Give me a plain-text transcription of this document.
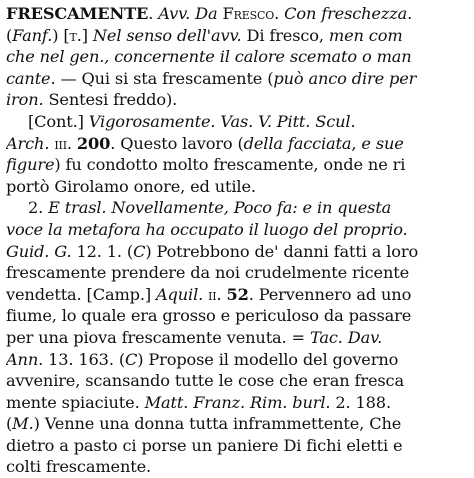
FRESCAMENTE. Avv. Da Fresco. Con freschezza.
(Fanf.) [t.] Nel senso dell'avv. Di fresco, men com
che nel gen., concernente il calore scemato o man
cante. — Qui si sta frescamente (può anco dire per
iron. Sentesi freddo).
[Cont.] Vigorosamente. Vas. V. Pitt. Scul.
Arch. iii. 200. Questo lavoro (della facciata, e sue
figure) fu condotto molto frescamente, onde ne ri
portò Girolamo onore, ed utile.
2. E trasl. Novellamente, Poco fa: e in questa
voce la metafora ha occupato il luogo del proprio.
Guid. G. 12. 1. (C) Potrebbono de' danni fatti a loro
frescamente prendere da noi crudelmente ricente
vendetta. [Camp.] Aquil. ii. 52. Pervennero ad uno
fiume, lo quale era grosso e periculoso da passare
per una piova frescamente venuta. = Tac. Dav.
Ann. 13. 163. (C) Propose il modello del governo
avvenire, scansando tutte le cose che eran fresca
mente spiaciute. Matt. Franz. Rim. burl. 2. 188.
(M.) Venne una donna tutta inframmettente, Che
dietro a pasto ci porse un paniere Di fichi eletti e
colti frescamente.
